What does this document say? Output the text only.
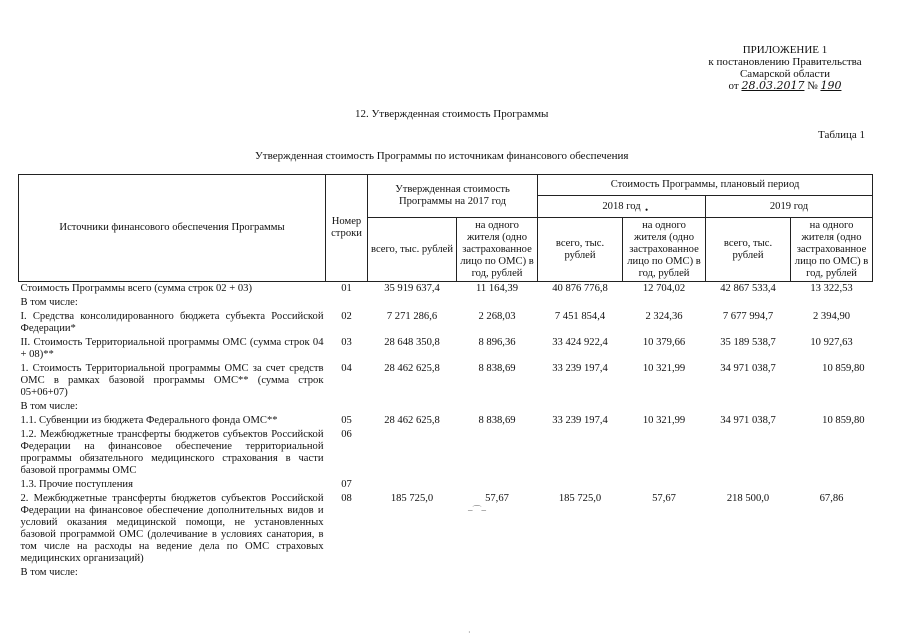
ПРИЛОЖЕНИЕ 1
к постановлению Правительства
Самарской области
от 28.03.2017 № 190
12. Утвержденная стоимость Программы
Таблица 1
Утвержденная стоимость Программы по источникам финансового обеспечения
•
–⌒–
·
Источники финансового обеспечения Программы	Номер строки	Утвержденная стоимость Программы на 2017 год		Стоимость Программы, плановый период			
				2018 год		2019 год	
		всего, тыс. рублей	на одного жителя (одно застрахованное лицо по ОМС) в год, рублей	всего, тыс. рублей	на одного жителя (одно застрахованное лицо по ОМС) в год, рублей	всего, тыс. рублей	на одного жителя (одно застрахованное лицо по ОМС) в год, рублей
Стоимость Программы всего (сумма строк 02 + 03)	01	35 919 637,4	11 164,39	40 876 776,8	12 704,02	42 867 533,4	13 322,53
В том числе:							
I. Средства консолидированного бюджета субъекта Российской Федерации*	02	7 271 286,6	2 268,03	7 451 854,4	2 324,36	7 677 994,7	2 394,90
II. Стоимость Территориальной программы ОМС (сумма строк 04 + 08)**	03	28 648 350,8	8 896,36	33 424 922,4	10 379,66	35 189 538,7	10 927,63
1. Стоимость Территориальной программы ОМС за счет средств ОМС в рамках базовой программы ОМС** (сумма строк 05+06+07)	04	28 462 625,8	8 838,69	33 239 197,4	10 321,99	34 971 038,7	10 859,80
В том числе:							
1.1. Субвенции из бюджета Федерального фонда ОМС**	05	28 462 625,8	8 838,69	33 239 197,4	10 321,99	34 971 038,7	10 859,80
1.2. Межбюджетные трансферты бюджетов субъектов Российской Федерации на финансовое обеспечение территориальной программы обязательного медицинского страхования в части базовой программы ОМС	06						
1.3. Прочие поступления	07						
2. Межбюджетные трансферты бюджетов субъектов Российской Федерации на финансовое обеспечение дополнительных видов и условий оказания медицинской помощи, не установленных базовой программой ОМС (долечивание в условиях санатория, в том числе на расходы на ведение дела по ОМС страховых медицинских организаций)	08	185 725,0	57,67	185 725,0	57,67	218 500,0	67,86
В том числе:							
